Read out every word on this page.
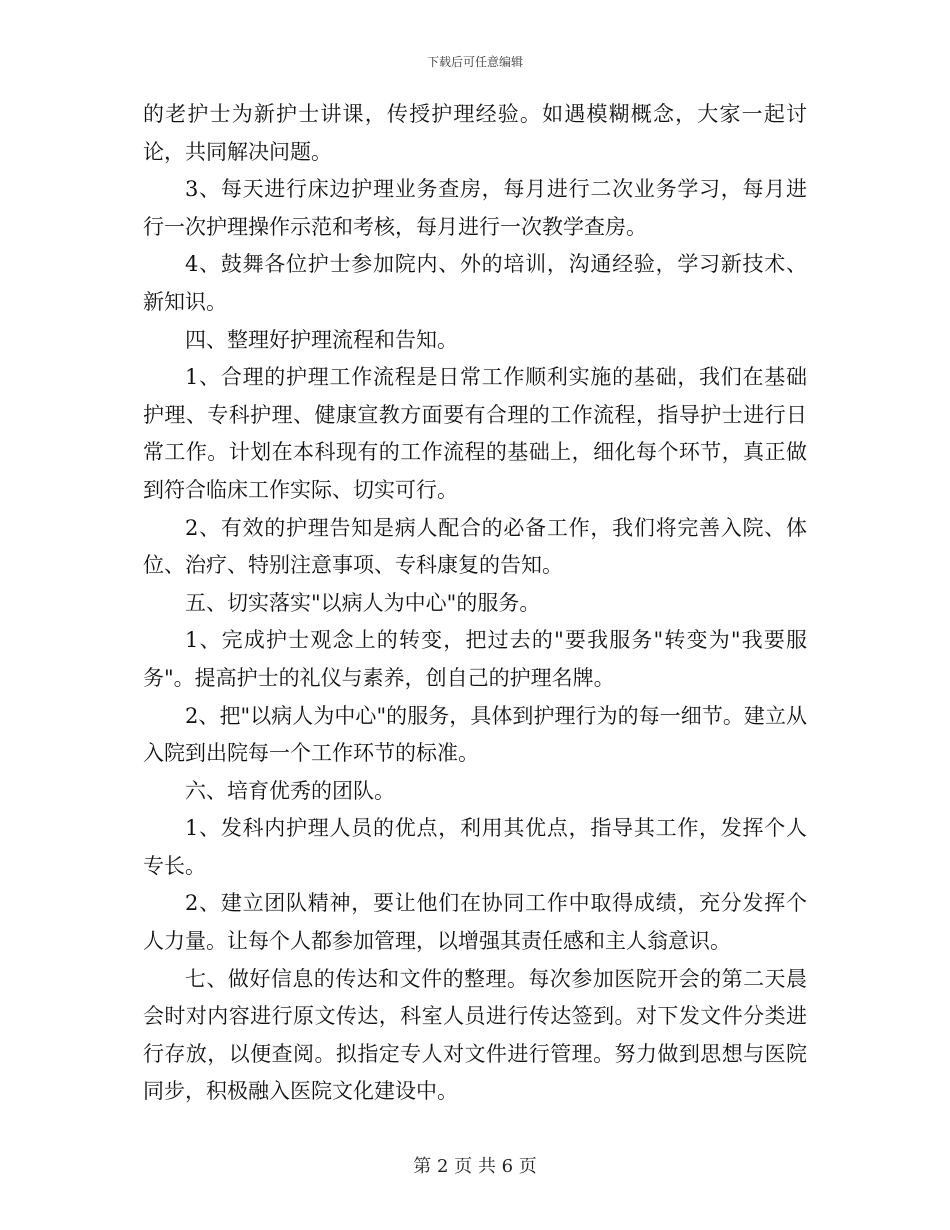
下载后可任意编辑

的老护士为新护士讲课，传授护理经验。如遇模糊概念，大家一起讨论，共同解决问题。

3、每天进行床边护理业务查房，每月进行二次业务学习，每月进行一次护理操作示范和考核，每月进行一次教学查房。

4、鼓舞各位护士参加院内、外的培训，沟通经验，学习新技术、新知识。

四、整理好护理流程和告知。

1、合理的护理工作流程是日常工作顺利实施的基础，我们在基础护理、专科护理、健康宣教方面要有合理的工作流程，指导护士进行日常工作。计划在本科现有的工作流程的基础上，细化每个环节，真正做到符合临床工作实际、切实可行。

2、有效的护理告知是病人配合的必备工作，我们将完善入院、体位、治疗、特别注意事项、专科康复的告知。

五、切实落实"以病人为中心"的服务。

1、完成护士观念上的转变，把过去的"要我服务"转变为"我要服务"。提高护士的礼仪与素养，创自己的护理名牌。

2、把"以病人为中心"的服务，具体到护理行为的每一细节。建立从入院到出院每一个工作环节的标准。

六、培育优秀的团队。

1、发科内护理人员的优点，利用其优点，指导其工作，发挥个人专长。

2、建立团队精神，要让他们在协同工作中取得成绩，充分发挥个人力量。让每个人都参加管理，以增强其责任感和主人翁意识。

七、做好信息的传达和文件的整理。每次参加医院开会的第二天晨会时对内容进行原文传达，科室人员进行传达签到。对下发文件分类进行存放，以便查阅。拟指定专人对文件进行管理。努力做到思想与医院同步，积极融入医院文化建设中。

第 2 页 共 6 页
